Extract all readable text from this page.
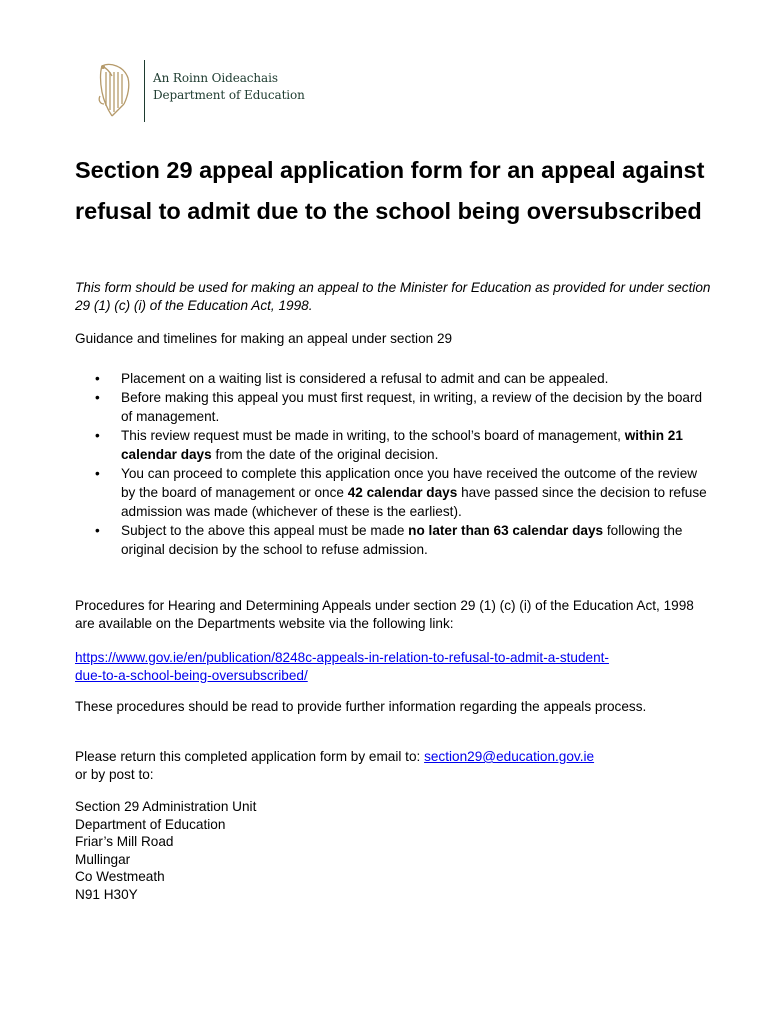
An Roinn Oideachais
Department of Education
Section 29 appeal application form for an appeal against refusal to admit due to the school being oversubscribed

This form should be used for making an appeal to the Minister for Education as provided for under section 29 (1) (c) (i) of the Education Act, 1998.

Guidance and timelines for making an appeal under section 29

• Placement on a waiting list is considered a refusal to admit and can be appealed.
• Before making this appeal you must first request, in writing, a review of the decision by the board of management.
• This review request must be made in writing, to the school’s board of management, within 21 calendar days from the date of the original decision.
• You can proceed to complete this application once you have received the outcome of the review by the board of management or once 42 calendar days have passed since the decision to refuse admission was made (whichever of these is the earliest).
• Subject to the above this appeal must be made no later than 63 calendar days following the original decision by the school to refuse admission.

Procedures for Hearing and Determining Appeals under section 29 (1) (c) (i) of the Education Act, 1998 are available on the Departments website via the following link:

https://www.gov.ie/en/publication/8248c-appeals-in-relation-to-refusal-to-admit-a-student-
due-to-a-school-being-oversubscribed/

These procedures should be read to provide further information regarding the appeals process.

Please return this completed application form by email to: section29@education.gov.ie
or by post to:

Section 29 Administration Unit
Department of Education
Friar’s Mill Road
Mullingar
Co Westmeath
N91 H30Y
